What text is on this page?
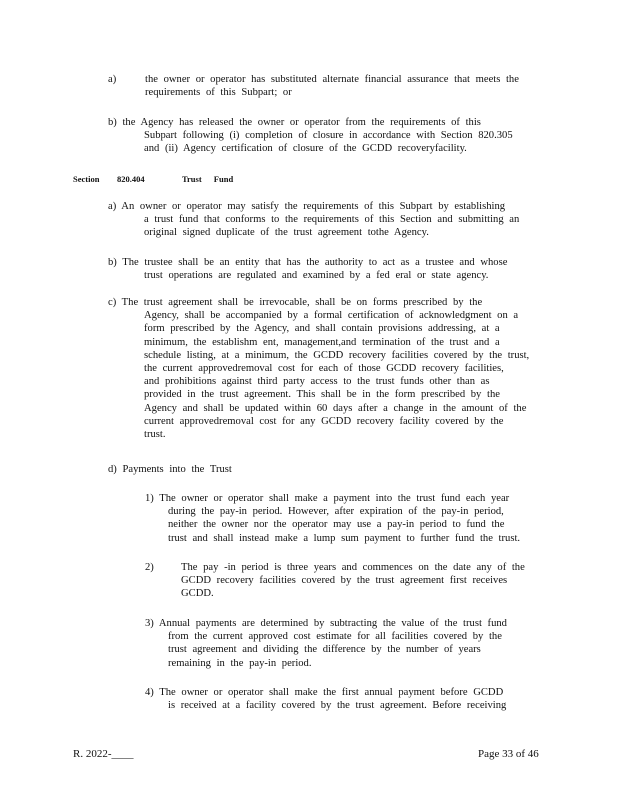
a)	the owner or operator has substituted alternate financial assurance that meets the
requirements of this Subpart; or
b) the Agency has released the owner or operator from the requirements of this
Subpart following (i) completion of closure in accordance with Section 820.305
and (ii) Agency certification of closure of the GCDD recoveryfacility.
Section 820.404	Trust Fund
a) An owner or operator may satisfy the requirements of this Subpart by establishing
a trust fund that conforms to the requirements of this Section and submitting an
original signed duplicate of the trust agreement tothe Agency.
b) The trustee shall be an entity that has the authority to act as a trustee and whose
trust operations are regulated and examined by a fed eral or state agency.
c) The trust agreement shall be irrevocable, shall be on forms prescribed by the
Agency, shall be accompanied by a formal certification of acknowledgment on a
form prescribed by the Agency, and shall contain provisions addressing, at a
minimum, the establishm ent, management,and termination of the trust and a
schedule listing, at a minimum, the GCDD recovery facilities covered by the trust,
the current approvedremoval cost for each of those GCDD recovery facilities,
and prohibitions against third party access to the trust funds other than as
provided in the trust agreement. This shall be in the form prescribed by the
Agency and shall be updated within 60 days after a change in the amount of the
current approvedremoval cost for any GCDD recovery facility covered by the
trust.
d) Payments into the Trust
1) The owner or operator shall make a payment into the trust fund each year
during the pay-in period. However, after expiration of the pay-in period,
neither the owner nor the operator may use a pay-in period to fund the
trust and shall instead make a lump sum payment to further fund the trust.
2)	The pay -in period is three years and commences on the date any of the
GCDD recovery facilities covered by the trust agreement first receives
GCDD.
3) Annual payments are determined by subtracting the value of the trust fund
from the current approved cost estimate for all facilities covered by the
trust agreement and dividing the difference by the number of years
remaining in the pay-in period.
4) The owner or operator shall make the first annual payment before GCDD
is received at a facility covered by the trust agreement. Before receiving
R. 2022-____	Page 33 of 46
